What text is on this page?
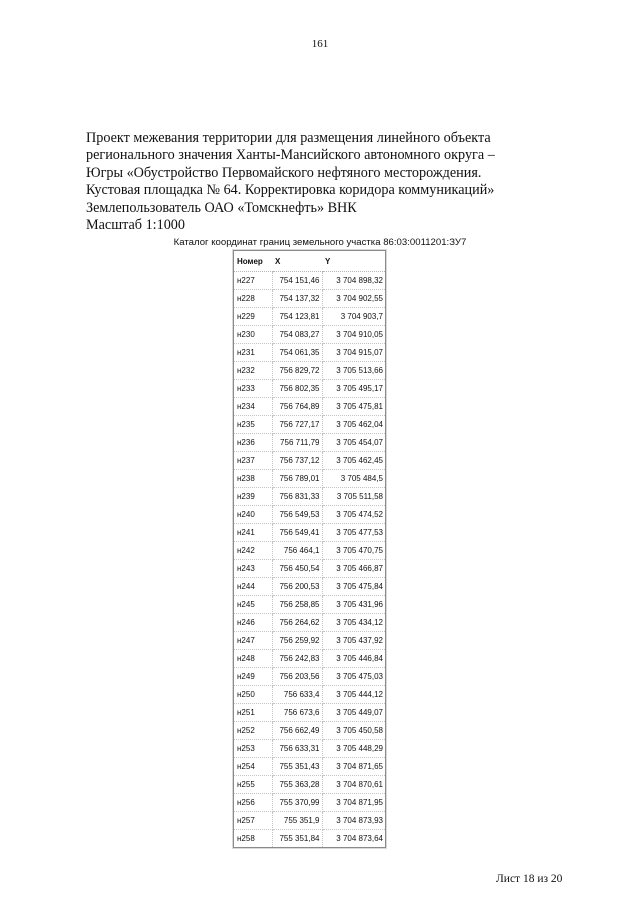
161
Проект межевания территории для размещения линейного объекта
регионального значения Ханты-Мансийского автономного округа –
Югры «Обустройство Первомайского нефтяного месторождения.
Кустовая площадка № 64. Корректировка коридора коммуникаций»
Землепользователь ОАО «Томскнефть» ВНК
Масштаб 1:1000
Каталог координат границ земельного участка 86:03:0011201:ЗУ7
Номер	X	Y
н227	754 151,46	3 704 898,32
н228	754 137,32	3 704 902,55
н229	754 123,81	3 704 903,7
н230	754 083,27	3 704 910,05
н231	754 061,35	3 704 915,07
н232	756 829,72	3 705 513,66
н233	756 802,35	3 705 495,17
н234	756 764,89	3 705 475,81
н235	756 727,17	3 705 462,04
н236	756 711,79	3 705 454,07
н237	756 737,12	3 705 462,45
н238	756 789,01	3 705 484,5
н239	756 831,33	3 705 511,58
н240	756 549,53	3 705 474,52
н241	756 549,41	3 705 477,53
н242	756 464,1	3 705 470,75
н243	756 450,54	3 705 466,87
н244	756 200,53	3 705 475,84
н245	756 258,85	3 705 431,96
н246	756 264,62	3 705 434,12
н247	756 259,92	3 705 437,92
н248	756 242,83	3 705 446,84
н249	756 203,56	3 705 475,03
н250	756 633,4	3 705 444,12
н251	756 673,6	3 705 449,07
н252	756 662,49	3 705 450,58
н253	756 633,31	3 705 448,29
н254	755 351,43	3 704 871,65
н255	755 363,28	3 704 870,61
н256	755 370,99	3 704 871,95
н257	755 351,9	3 704 873,93
н258	755 351,84	3 704 873,64
Лист 18 из 20
